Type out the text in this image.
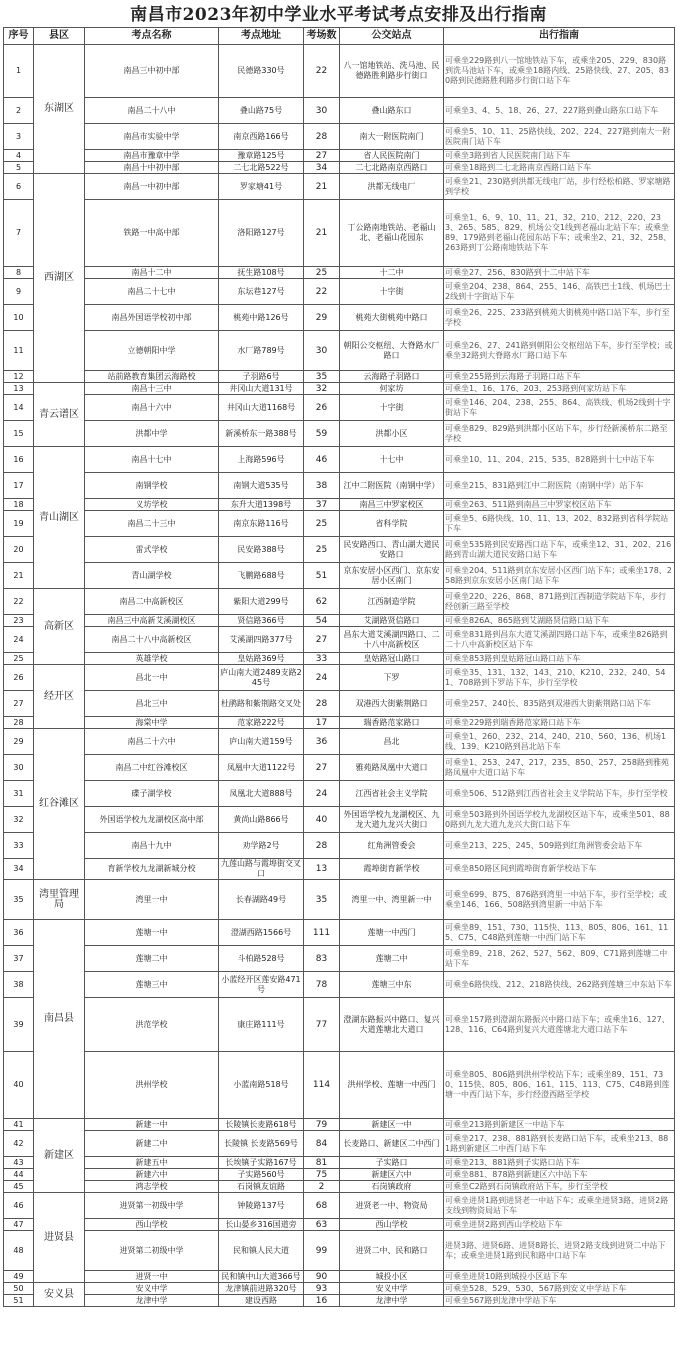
南昌市2023年初中学业水平考试考点安排及出行指南
序号	县区	考点名称	考点地址	考场数	公交站点	出行指南
1	东湖区	南昌三中初中部	民德路330号	22	八一馆地铁站、洗马池、民德路胜利路步行街口	可乘坐229路到八一馆地铁站下车，或乘坐205、229、830路到洗马池站下车，或乘坐18路内线、25路快线、27、205、830路到民德路胜利路步行街口站下车
2		南昌二十八中	叠山路75号	30	叠山路东口	可乘坐3、4、5、18、26、27、227路到叠山路东口站下车
3		南昌市实验中学	南京西路166号	28	南大一附医院南门	可乘坐5、10、11、25路快线、202、224、227路到南大一附医院南门站下车
4		南昌市豫章中学	豫章路125号	27	省人民医院南门	可乘坐3路到省人民医院南门站下车
5		南昌十中初中部	二七北路522号	34	二七北路南京西路口	可乘坐18路到二七北路南京西路口站下车
6	西湖区	南昌一中初中部	罗家塘41号	21	洪都无线电厂	可乘坐21、230路到洪都无线电厂站，步行经松柏路、罗家塘路到学校
7		铁路一中高中部	洛阳路127号	21	丁公路南地铁站、老福山北、老福山花园东	可乘坐1、6、9、10、11、21、32、210、212、220、233、265、585、829、机场公交1线到老福山北站下车；或乘坐89、179路到老福山花园东站下车；或乘坐2、21、32、258、263路到丁公路南地铁站下车
8		南昌十二中	抚生路108号	25	十二中	可乘坐27、256、830路到十二中站下车
9		南昌二十七中	东坛巷127号	22	十字街	可乘坐204、238、864、255、146、高铁巴士1线、机场巴士2线到十字街站下车
10		南昌外国语学校初中部	桃苑中路126号	29	桃苑大街桃苑中路口	可乘坐26、225、233路到桃苑大街桃苑中路口站下车，步行至学校
11		立德朝阳中学	水厂路789号	30	朝阳公交枢纽、大脊路水厂路口	可乘坐26、27、241路到朝阳公交枢纽站下车，步行至学校；或乘坐32路到大脊路水厂路口站下车
12		站前路教育集团云海路校	子羽路6号	35	云海路子羽路口	可乘坐255路到云海路子羽路口站下车
13	青云谱区	南昌十三中	井冈山大道131号	32	何家坊	可乘坐1、16、176、203、253路到何家坊站下车
14		南昌十六中	井冈山大道1168号	26	十字街	可乘坐146、204、238、255、864、高铁线、机场2线到十字街站下车
15		洪都中学	新溪桥东一路388号	59	洪都小区	可乘坐829、829路到洪都小区站下车，步行经新溪桥东二路至学校
16	青山湖区	南昌十七中	上海路596号	46	十七中	可乘坐10、11、204、215、535、828路到十七中站下车
17		南钢学校	南钢大道535号	38	江中二附医院（南钢中学）	可乘坐215、831路到江中二附医院（南钢中学）站下车
18		义坊学校	东升大道1398号	37	南昌三中罗家校区	可乘坐263、511路到南昌三中罗家校区站下车
19		南昌二十三中	南京东路116号	25	省科学院	可乘坐5、6路快线、10、11、13、202、832路到省科学院站下车
20		雷式学校	民安路388号	25	民安路西口、青山湖大道民安路口	可乘坐535路到民安路西口站下车，或乘坐12、31、202、216路到青山湖大道民安路口站下车
21		青山湖学校	飞鹏路688号	51	京东安居小区西门、京东安居小区南门	可乘坐204、511路到京东安居小区西门站下车；或乘坐178、258路到京东安居小区南门站下车
22	高新区	南昌二中高新校区	紫阳大道299号	62	江西制造学院	可乘坐220、226、868、871路到江西制造学院站下车，步行经创新三路至学校
23		南昌三中高新艾溪湖校区	贤信路366号	54	艾湖路贤信路口	可乘坐826A、865路到艾湖路贤信路口站下车
24		南昌二十八中高新校区	艾溪湖四路377号	27	昌东大道艾溪湖四路口、二十八中高新校区	可乘坐831路到昌东大道艾溪湖四路口站下车，或乘坐826路到二十八中高新校区站下车
25		英雄学校	皇姑路369号	33	皇姑路冠山路口	可乘坐853路到皇姑路冠山路口站下车
26	经开区	昌北一中	庐山南大道2489支路245号	24	下罗	可乘坐35、131、132、143、210、K210、232、240、541、708路到下罗站下车，步行至学校
27		昌北三中	杜鹃路和紫荆路交叉处	28	双港西大街紫荆路口	可乘坐257、240长、835路到双港西大街紫荆路口站下车
28		海棠中学	范家路222号	17	瑞香路范家路口	可乘坐229路到瑞香路范家路口站下车
29	红谷滩区	南昌二十六中	庐山南大道159号	36	昌北	可乘坐1、260、232、214、240、210、560、136、机场1线、139、K210路到昌北站下车
30		南昌二中红谷滩校区	凤凰中大道1122号	27	雅苑路凤凰中大道口	可乘坐1、253、247、217、235、850、257、258路到雅苑路凤凰中大道口站下车
31		碟子湖学校	凤凰北大道888号	24	江西省社会主义学院	可乘坐506、512路到江西省社会主义学院站下车，步行至学校
32		外国语学校九龙湖校区高中部	黄尚山路866号	40	外国语学校九龙湖校区、九龙大道九龙兴大街口	可乘坐503路到外国语学校九龙湖校区站下车，或乘坐501、880路到九龙大道九龙兴大街口站下车
33		南昌十九中	劝学路2号	28	红角洲管委会	可乘坐213、225、245、509路到红角洲管委会站下车
34		育新学校九龙湖新城分校	九莲山路与霞埠街交叉口	13	霞埠街育新学校	可乘坐850路区间到霞埠街育新学校站下车
35	湾里管理局	湾里一中	长春湖路49号	35	湾里一中、湾里新一中	可乘坐699、875、876路到湾里一中站下车，步行至学校；或乘坐146、166、508路到湾里新一中站下车
36	南昌县	莲塘一中	澄湖西路1566号	111	莲塘一中西门	可乘坐89、151、730、115快、113、805、806、161、115、C75、C48路到莲塘一中西门站下车
37		莲塘二中	斗柏路528号	83	莲塘二中	可乘坐89、218、262、527、562、809、C71路到莲塘二中站下车
38		莲塘三中	小蓝经开区莲安路471号	78	莲塘三中东	可乘坐6路快线、212、218路快线、262路到莲塘三中东站下车
39		洪范学校	康庄路111号	77	澄湖东路振兴中路口、复兴大道莲塘北大道口	可乘坐157路到澄湖东路振兴中路口站下车；或乘坐16、127、128、116、C64路到复兴大道莲塘北大道口站下车
40		洪州学校	小蓝南路518号	114	洪州学校、莲塘一中西门	可乘坐805、806路到洪州学校站下车；或乘坐89、151、730、115快、805、806、161、115、113、C75、C48路到莲塘一中西门站下车，步行经澄西路至学校
41	新建区	新建一中	长陵镇长麦路618号	79	新建区一中	可乘坐213路到新建区一中站下车
42		新建二中	长陵镇 长麦路569号	84	长麦路口、新建区二中西门	可乘坐217、238、881路到长麦路口站下车，或乘坐213、881路到新建区二中西门站下车
43		新建五中	长埃镇子实路167号	81	子实路口	可乘坐213、881路到子实路口站下车
44		新建六中	子实路560号	75	新建区六中	可乘坐881、878路到新建区六中站下车
45		鸿志学校	石岗镇友谊路	2	石岗镇政府	可乘坐C2路到石岗镇政府站下车，步行至学校
46	进贤县	进贤第一初级中学	钟陵路137号	68	进贤老一中、物资局	可乘坐进贤1路到进贤老一中站下车；或乘坐进贤3路、进贤2路支线到物资局站下车
47		西山学校	长山晏乡316国道旁	63	西山学校	可乘坐进贤2路到西山学校站下车
48		进贤第二初级中学	民和镇人民大道	99	进贤二中、民和路口	进贤3路、进贤6路、进贤8路长、进贤2路支线到进贤二中站下车；或乘坐进贤1路到民和路中口站下车
49		进贤一中	民和镇中山大道366号	90	城投小区	可乘坐进贤10路到城投小区站下车
50	安义县	安义中学	龙津镇前进路320号	93	安义中学	可乘坐528、529、530、567路到安义中学站下车
51		龙津中学	建设西路	16	龙津中学	可乘坐567路到龙津中学站下车
